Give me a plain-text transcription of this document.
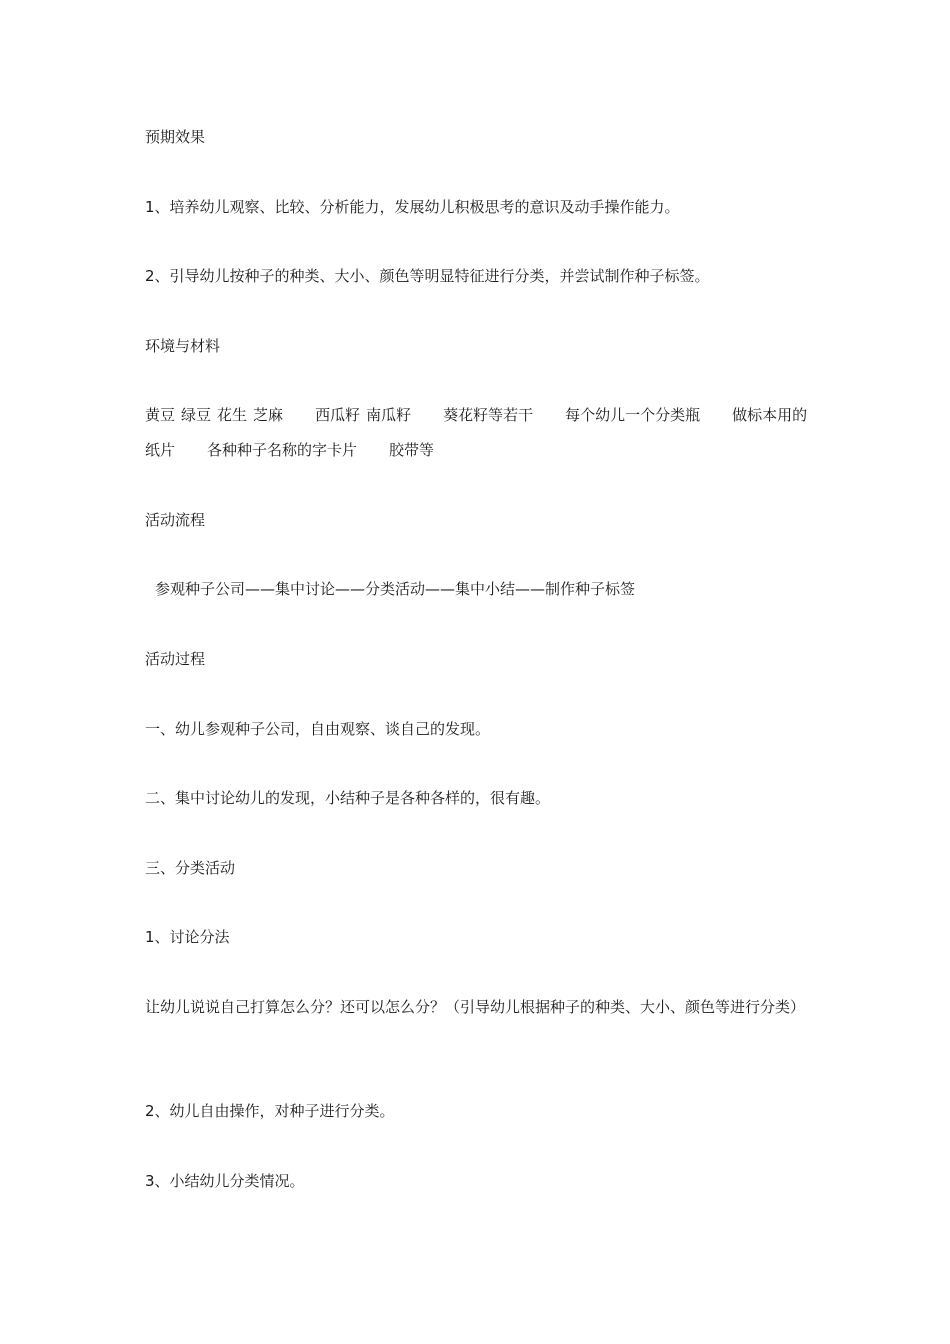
预期效果

1、培养幼儿观察、比较、分析能力，发展幼儿积极思考的意识及动手操作能力。

2、引导幼儿按种子的种类、大小、颜色等明显特征进行分类，并尝试制作种子标签。

环境与材料

黄豆 绿豆 花生 芝麻 西瓜籽 南瓜籽 葵花籽等若干 每个幼儿一个分类瓶 做标本用的纸片 各种种子名称的字卡片 胶带等

活动流程

参观种子公司——集中讨论——分类活动——集中小结——制作种子标签

活动过程

一、幼儿参观种子公司，自由观察、谈自己的发现。

二、集中讨论幼儿的发现，小结种子是各种各样的，很有趣。

三、分类活动

1、讨论分法

让幼儿说说自己打算怎么分？还可以怎么分？（引导幼儿根据种子的种类、大小、颜色等进行分类）

2、幼儿自由操作，对种子进行分类。

3、小结幼儿分类情况。
